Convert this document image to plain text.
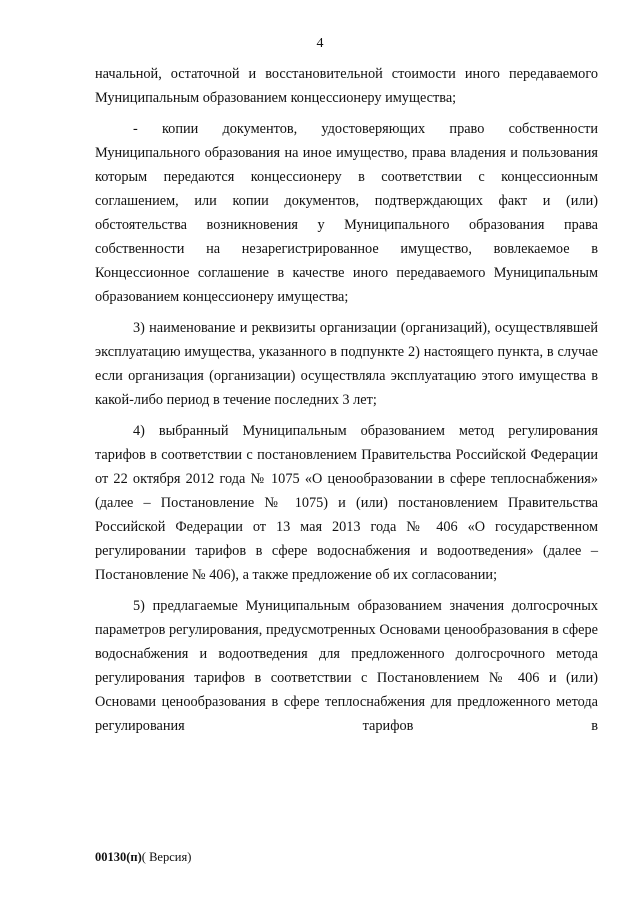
4

начальной, остаточной и восстановительной стоимости иного передаваемого Муниципальным образованием концессионеру имущества;

- копии документов, удостоверяющих право собственности Муниципального образования на иное имущество, права владения и пользования которым передаются концессионеру в соответствии с концессионным соглашением, или копии документов, подтверждающих факт и (или) обстоятельства возникновения у Муниципального образования права собственности на незарегистрированное имущество, вовлекаемое в Концессионное соглашение в качестве иного передаваемого Муниципальным образованием концессионеру имущества;

3) наименование и реквизиты организации (организаций), осуществлявшей эксплуатацию имущества, указанного в подпункте 2) настоящего пункта, в случае если организация (организации) осуществляла эксплуатацию этого имущества в какой-либо период в течение последних 3 лет;

4) выбранный Муниципальным образованием метод регулирования тарифов в соответствии с постановлением Правительства Российской Федерации от 22 октября 2012 года № 1075 «О ценообразовании в сфере теплоснабжения» (далее – Постановление № 1075) и (или) постановлением Правительства Российской Федерации от 13 мая 2013 года № 406 «О государственном регулировании тарифов в сфере водоснабжения и водоотведения» (далее – Постановление № 406), а также предложение об их согласовании;

5) предлагаемые Муниципальным образованием значения долгосрочных параметров регулирования, предусмотренных Основами ценообразования в сфере водоснабжения и водоотведения для предложенного долгосрочного метода регулирования тарифов в соответствии с Постановлением № 406 и (или) Основами ценообразования в сфере теплоснабжения для предложенного метода регулирования тарифов в

00130(п)( Версия)
